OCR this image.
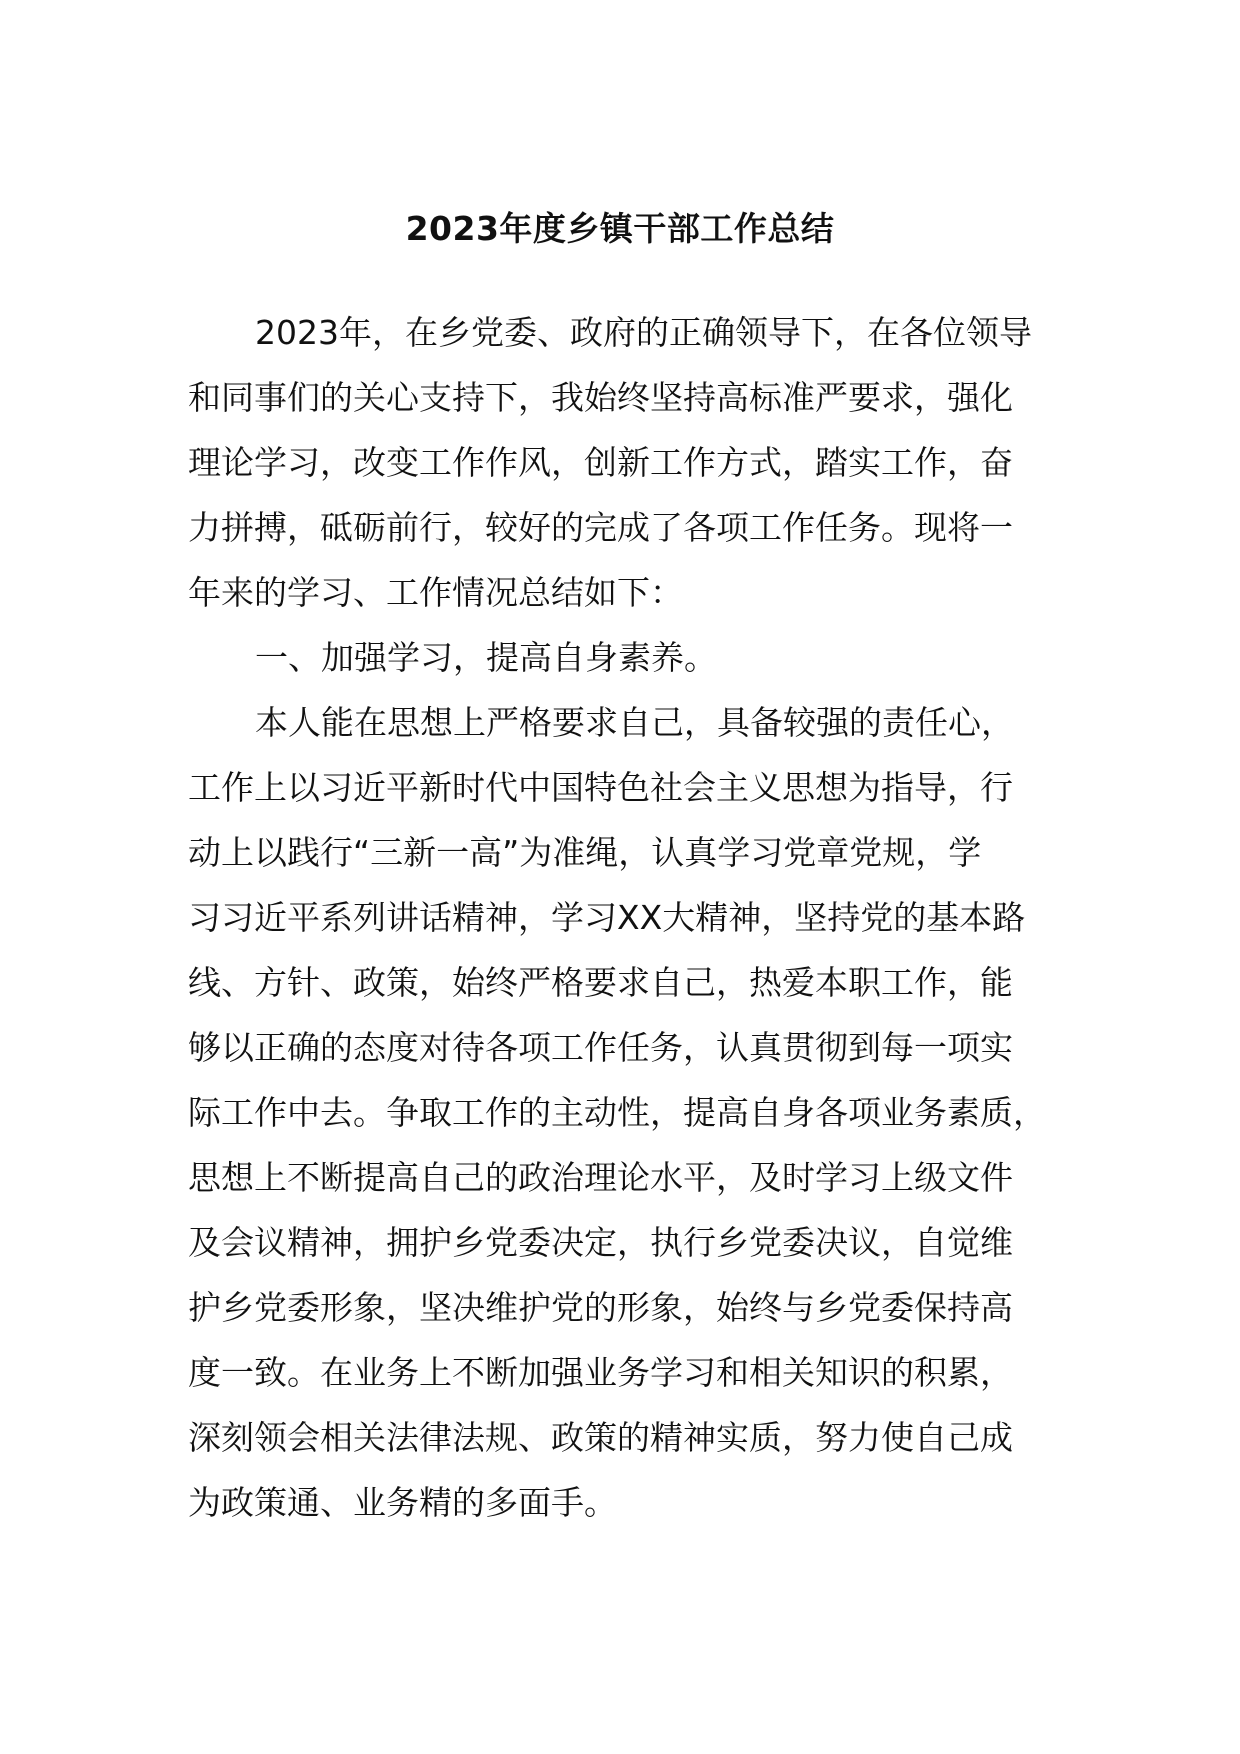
2023年度乡镇干部工作总结
2023年，在乡党委、政府的正确领导下，在各位领导
和同事们的关心支持下，我始终坚持高标准严要求，强化
理论学习，改变工作作风，创新工作方式，踏实工作，奋
力拼搏，砥砺前行，较好的完成了各项工作任务。现将一
年来的学习、工作情况总结如下：
一、加强学习，提高自身素养。
本人能在思想上严格要求自己，具备较强的责任心，
工作上以习近平新时代中国特色社会主义思想为指导，行
动上以践行“三新一高”为准绳，认真学习党章党规，学
习习近平系列讲话精神，学习XX大精神，坚持党的基本路
线、方针、政策，始终严格要求自己，热爱本职工作，能
够以正确的态度对待各项工作任务，认真贯彻到每一项实
际工作中去。争取工作的主动性，提高自身各项业务素质，
思想上不断提高自己的政治理论水平，及时学习上级文件
及会议精神，拥护乡党委决定，执行乡党委决议，自觉维
护乡党委形象，坚决维护党的形象，始终与乡党委保持高
度一致。在业务上不断加强业务学习和相关知识的积累，
深刻领会相关法律法规、政策的精神实质，努力使自己成
为政策通、业务精的多面手。
